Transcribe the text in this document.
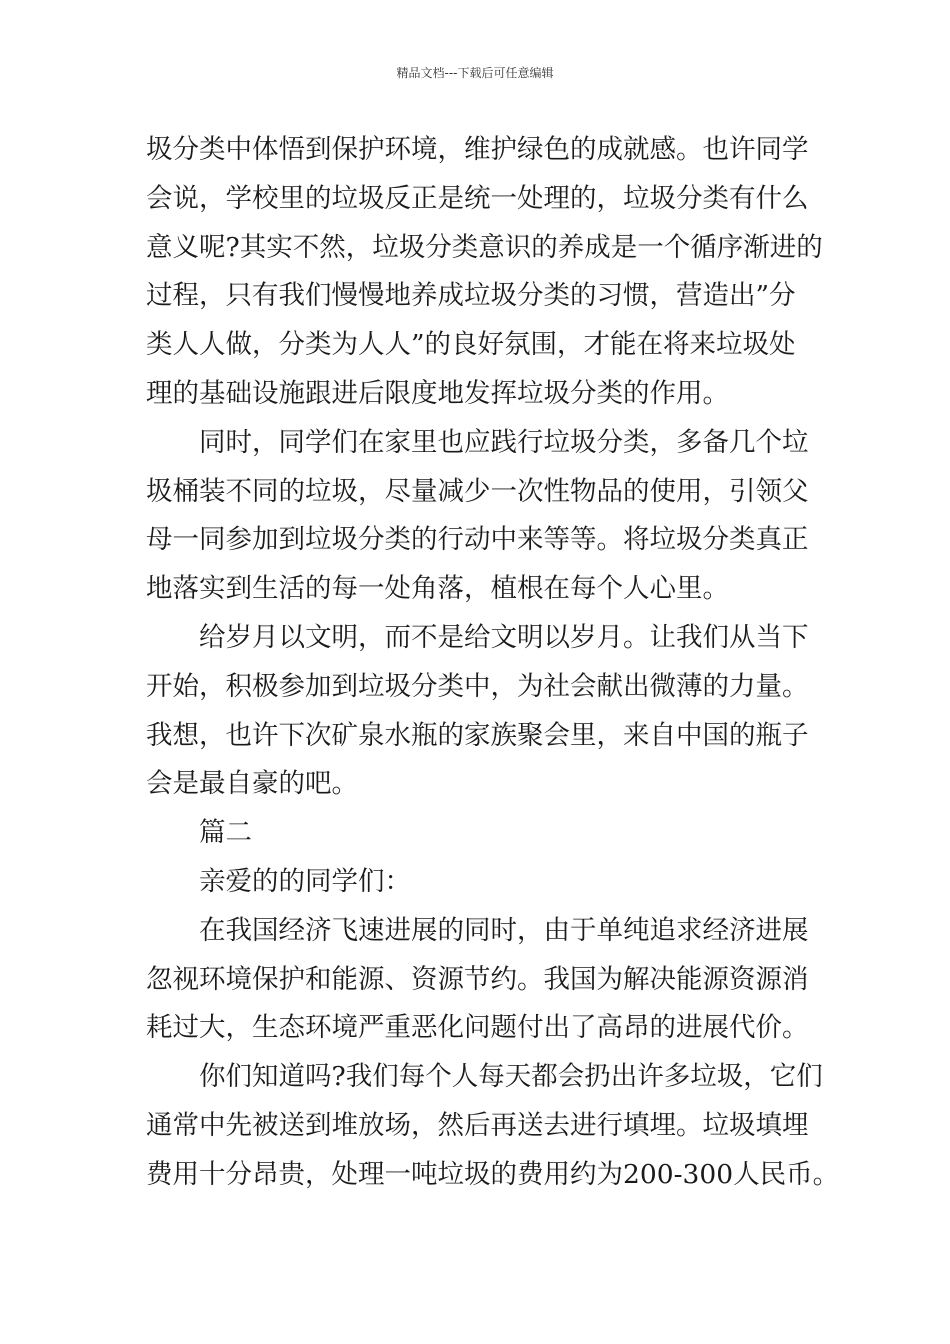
精品文档---下载后可任意编辑
圾分类中体悟到保护环境，维护绿色的成就感。也许同学
会说，学校里的垃圾反正是统一处理的，垃圾分类有什么
意义呢?其实不然，垃圾分类意识的养成是一个循序渐进的
过程，只有我们慢慢地养成垃圾分类的习惯，营造出”分
类人人做，分类为人人”的良好氛围，才能在将来垃圾处
理的基础设施跟进后限度地发挥垃圾分类的作用。
同时，同学们在家里也应践行垃圾分类，多备几个垃
圾桶装不同的垃圾，尽量减少一次性物品的使用，引领父
母一同参加到垃圾分类的行动中来等等。将垃圾分类真正
地落实到生活的每一处角落，植根在每个人心里。
给岁月以文明，而不是给文明以岁月。让我们从当下
开始，积极参加到垃圾分类中，为社会献出微薄的力量。
我想，也许下次矿泉水瓶的家族聚会里，来自中国的瓶子
会是最自豪的吧。
篇二
亲爱的的同学们：
在我国经济飞速进展的同时，由于单纯追求经济进展
忽视环境保护和能源、资源节约。我国为解决能源资源消
耗过大，生态环境严重恶化问题付出了高昂的进展代价。
你们知道吗?我们每个人每天都会扔出许多垃圾，它们
通常中先被送到堆放场，然后再送去进行填埋。垃圾填埋
费用十分昂贵，处理一吨垃圾的费用约为200-300人民币。
